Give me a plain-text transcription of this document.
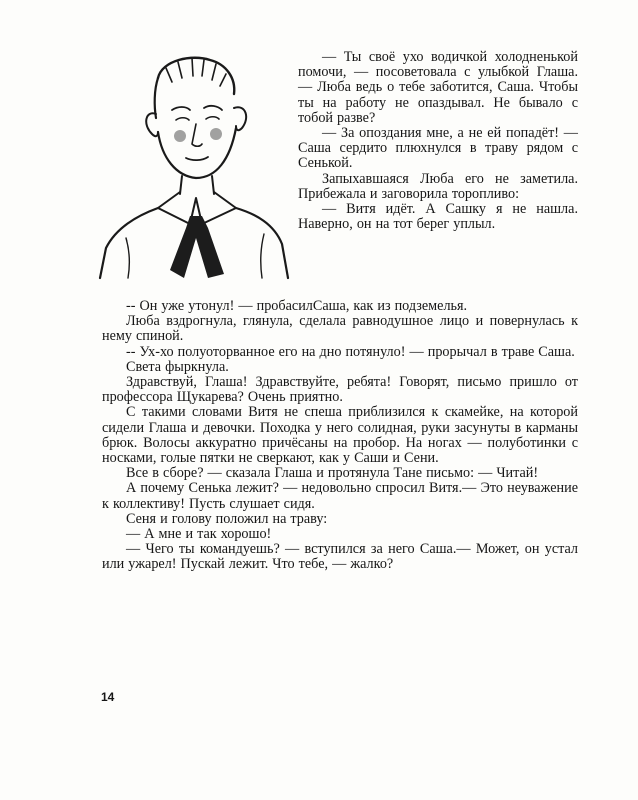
— Ты своё ухо водичкой холодненькой помочи, — посоветовала с улыбкой Глаша. — Люба ведь о тебе заботится, Саша. Чтобы ты на работу не опаздывал. Не бывало с тобой разве?

— За опоздания мне, а не ей попадёт! — Саша сердито плюхнулся в траву рядом с Сенькой.

Запыхавшаяся Люба его не заметила. Прибежала и заговорила торопливо:

— Витя идёт. А Сашку я не нашла. Наверно, он на тот берег уплыл.

-- Он уже утонул! — пробасилСаша, как из подземелья.

Люба вздрогнула, глянула, сделала равнодушное лицо и повернулась к нему спиной.

-- Ух-хо полуоторванное его на дно потянуло! — прорычал в траве Саша.

Света фыркнула.

Здравствуй, Глаша! Здравствуйте, ребята! Говорят, письмо пришло от профессора Щукарева? Очень приятно.

С такими словами Витя не спеша приблизился к скамейке, на которой сидели Глаша и девочки. Походка у него солидная, руки засунуты в карманы брюк. Волосы аккуратно причёсаны на пробор. На ногах — полуботинки с носками, голые пятки не сверкают, как у Саши и Сени.

Все в сборе? — сказала Глаша и протянула Тане письмо: — Читай!

А почему Сенька лежит? — недовольно спросил Витя.— Это неуважение к коллективу! Пусть слушает сидя.

Сеня и голову положил на траву:

— А мне и так хорошо!

— Чего ты командуешь? — вступился за него Саша.— Может, он устал или ужарел! Пускай лежит. Что тебе, — жалко?

14
